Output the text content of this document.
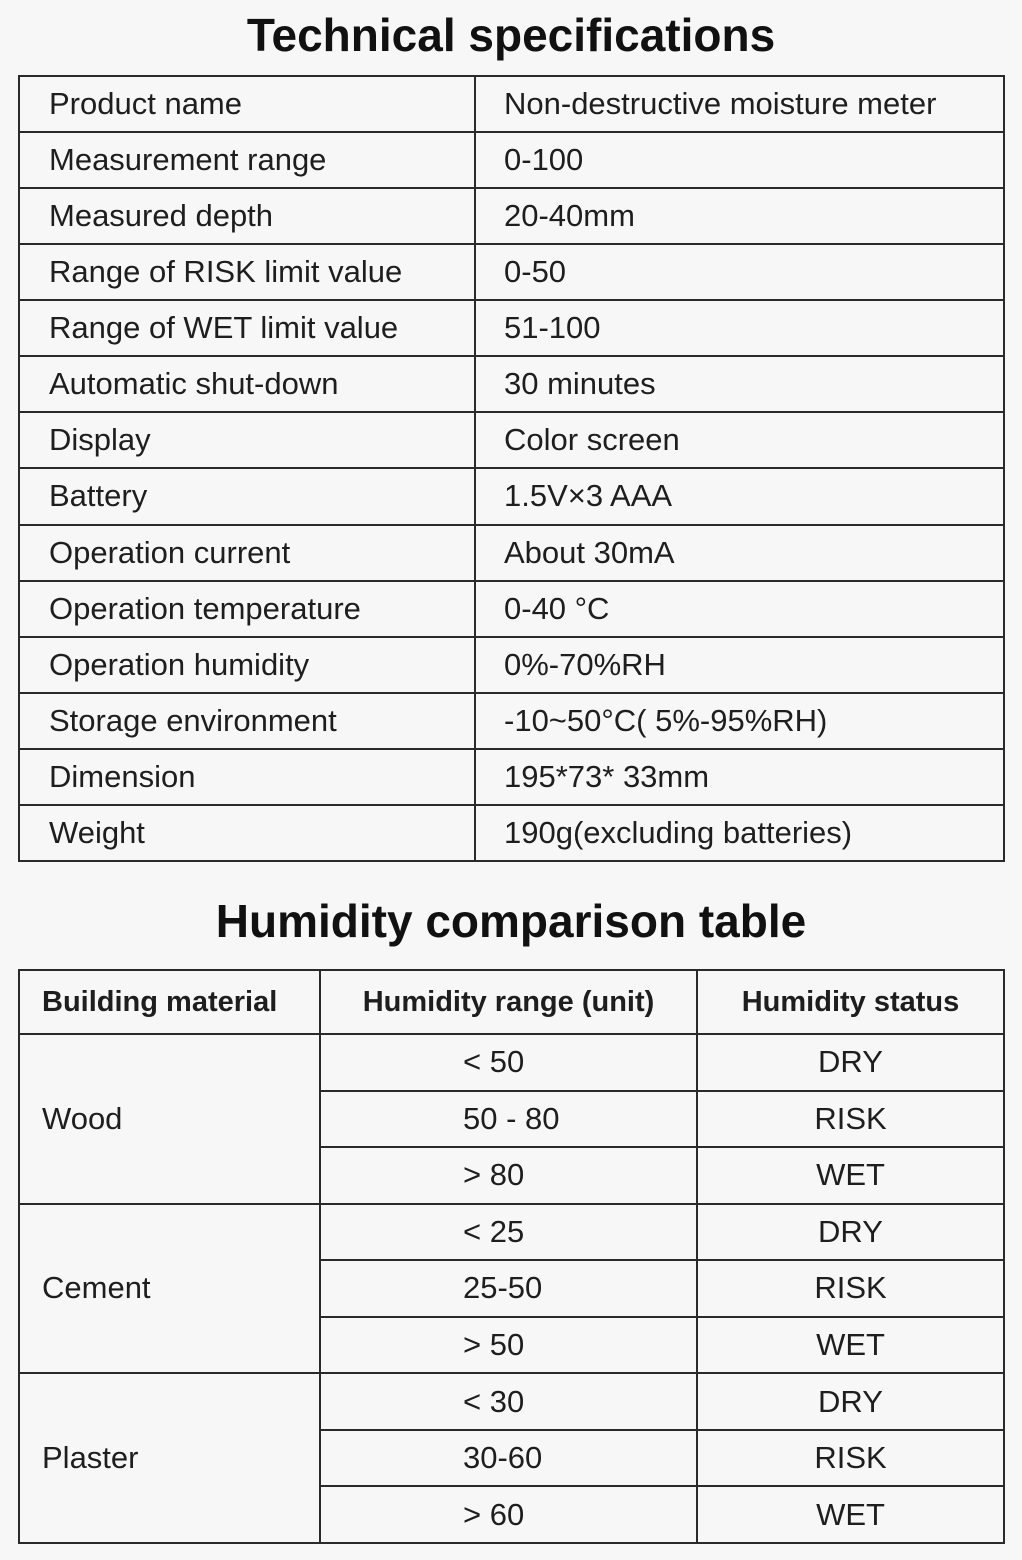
Technical specifications
Product name	Non-destructive moisture meter
Measurement range	0-100
Measured depth	20-40mm
Range of RISK limit value	0-50
Range of WET limit value	51-100
Automatic shut-down	30 minutes
Display	Color screen
Battery	1.5V×3 AAA
Operation current	About 30mA
Operation temperature	0-40 °C
Operation humidity	0%-70%RH
Storage environment	-10~50°C( 5%-95%RH)
Dimension	195*73* 33mm
Weight	190g(excluding batteries)
Humidity comparison table
Building material	Humidity range (unit)	Humidity status
Wood	< 50	DRY
	50 - 80	RISK
	> 80	WET
Cement	< 25	DRY
	25-50	RISK
	> 50	WET
Plaster	< 30	DRY
	30-60	RISK
	> 60	WET
